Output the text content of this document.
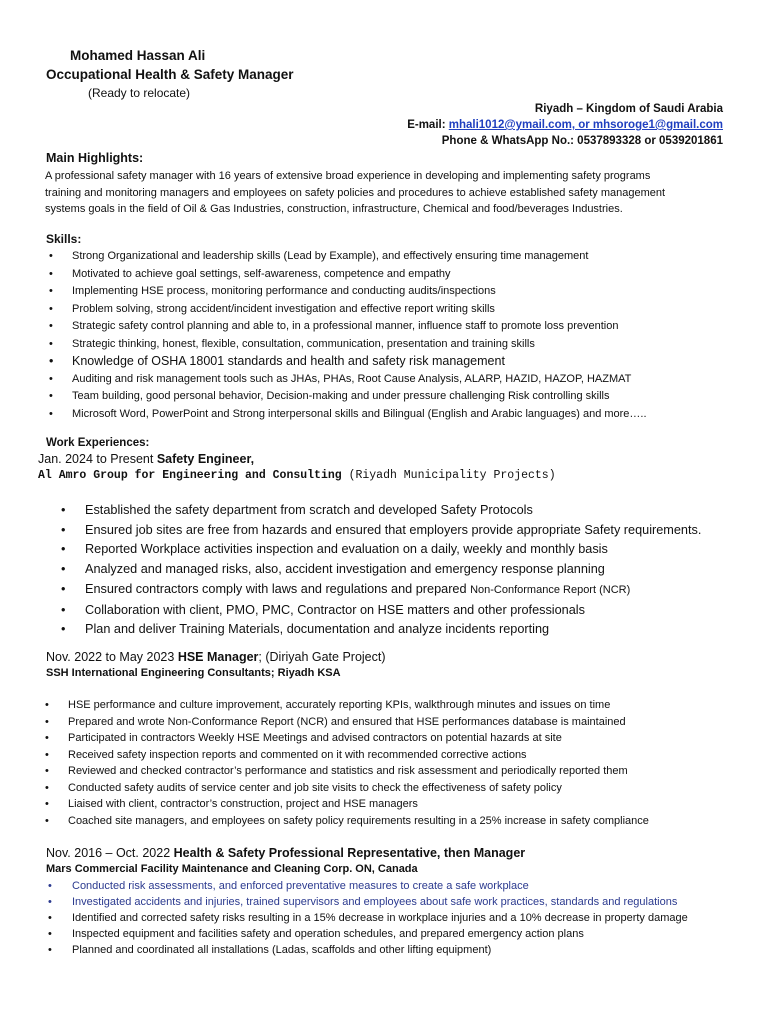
Mohamed Hassan Ali
Occupational Health & Safety Manager
(Ready to relocate)
Riyadh – Kingdom of Saudi Arabia
E-mail: mhali1012@ymail.com, or mhsoroge1@gmail.com
Phone & WhatsApp No.: 0537893328 or 0539201861
Main Highlights:
A professional safety manager with 16 years of extensive broad experience in developing and implementing safety programs
training and monitoring managers and employees on safety policies and procedures to achieve established safety management
systems goals in the field of Oil & Gas Industries, construction, infrastructure, Chemical and food/beverages Industries.
Skills:
• Strong Organizational and leadership skills (Lead by Example), and effectively ensuring time management
• Motivated to achieve goal settings, self-awareness, competence and empathy
• Implementing HSE process, monitoring performance and conducting audits/inspections
• Problem solving, strong accident/incident investigation and effective report writing skills
• Strategic safety control planning and able to, in a professional manner, influence staff to promote loss prevention
• Strategic thinking, honest, flexible, consultation, communication, presentation and training skills
• Knowledge of OSHA 18001 standards and health and safety risk management
• Auditing and risk management tools such as JHAs, PHAs, Root Cause Analysis, ALARP, HAZID, HAZOP, HAZMAT
• Team building, good personal behavior, Decision-making and under pressure challenging Risk controlling skills
• Microsoft Word, PowerPoint and Strong interpersonal skills and Bilingual (English and Arabic languages) and more…..
Work Experiences:
Jan. 2024 to Present Safety Engineer,
Al Amro Group for Engineering and Consulting (Riyadh Municipality Projects)
• Established the safety department from scratch and developed Safety Protocols
• Ensured job sites are free from hazards and ensured that employers provide appropriate Safety requirements.
• Reported Workplace activities inspection and evaluation on a daily, weekly and monthly basis
• Analyzed and managed risks, also, accident investigation and emergency response planning
• Ensured contractors comply with laws and regulations and prepared Non-Conformance Report (NCR)
• Collaboration with client, PMO, PMC, Contractor on HSE matters and other professionals
• Plan and deliver Training Materials, documentation and analyze incidents reporting
Nov. 2022 to May 2023 HSE Manager; (Diriyah Gate Project)
SSH International Engineering Consultants; Riyadh KSA
• HSE performance and culture improvement, accurately reporting KPIs, walkthrough minutes and issues on time
• Prepared and wrote Non-Conformance Report (NCR) and ensured that HSE performances database is maintained
• Participated in contractors Weekly HSE Meetings and advised contractors on potential hazards at site
• Received safety inspection reports and commented on it with recommended corrective actions
• Reviewed and checked contractor’s performance and statistics and risk assessment and periodically reported them
• Conducted safety audits of service center and job site visits to check the effectiveness of safety policy
• Liaised with client, contractor’s construction, project and HSE managers
• Coached site managers, and employees on safety policy requirements resulting in a 25% increase in safety compliance
Nov. 2016 – Oct. 2022 Health & Safety Professional Representative, then Manager
Mars Commercial Facility Maintenance and Cleaning Corp. ON, Canada
• Conducted risk assessments, and enforced preventative measures to create a safe workplace
• Investigated accidents and injuries, trained supervisors and employees about safe work practices, standards and regulations
• Identified and corrected safety risks resulting in a 15% decrease in workplace injuries and a 10% decrease in property damage
• Inspected equipment and facilities safety and operation schedules, and prepared emergency action plans
• Planned and coordinated all installations (Ladas, scaffolds and other lifting equipment)
